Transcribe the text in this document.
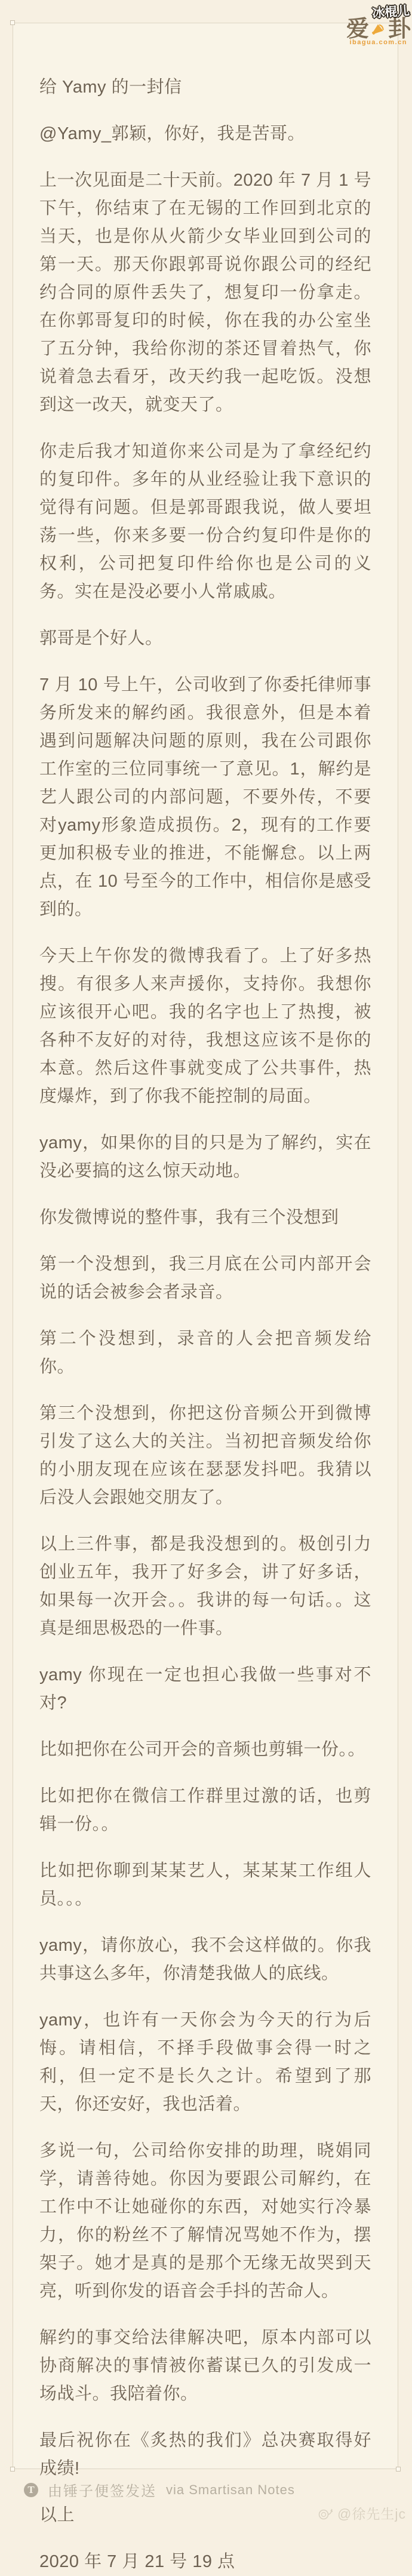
冰棍儿
爱 卦
ibagua.com.cn

给 Yamy 的一封信

@Yamy_郭颖，你好，我是苦哥。

上一次见面是二十天前。2020 年 7 月 1 号下午，你结束了在无锡的工作回到北京的当天，也是你从火箭少女毕业回到公司的第一天。那天你跟郭哥说你跟公司的经纪约合同的原件丢失了，想复印一份拿走。在你郭哥复印的时候，你在我的办公室坐了五分钟，我给你沏的茶还冒着热气，你说着急去看牙，改天约我一起吃饭。没想到这一改天，就变天了。

你走后我才知道你来公司是为了拿经纪约的复印件。多年的从业经验让我下意识的觉得有问题。但是郭哥跟我说，做人要坦荡一些，你来多要一份合约复印件是你的权利，公司把复印件给你也是公司的义务。实在是没必要小人常戚戚。

郭哥是个好人。

7 月 10 号上午，公司收到了你委托律师事务所发来的解约函。我很意外，但是本着遇到问题解决问题的原则，我在公司跟你工作室的三位同事统一了意见。1，解约是艺人跟公司的内部问题，不要外传，不要对yamy形象造成损伤。2，现有的工作要更加积极专业的推进，不能懈怠。以上两点，在 10 号至今的工作中，相信你是感受到的。

今天上午你发的微博我看了。上了好多热搜。有很多人来声援你，支持你。我想你应该很开心吧。我的名字也上了热搜，被各种不友好的对待，我想这应该不是你的本意。然后这件事就变成了公共事件，热度爆炸，到了你我不能控制的局面。

yamy，如果你的目的只是为了解约，实在没必要搞的这么惊天动地。

你发微博说的整件事，我有三个没想到

第一个没想到，我三月底在公司内部开会说的话会被参会者录音。

第二个没想到，录音的人会把音频发给你。

第三个没想到，你把这份音频公开到微博引发了这么大的关注。当初把音频发给你的小朋友现在应该在瑟瑟发抖吧。我猜以后没人会跟她交朋友了。

以上三件事，都是我没想到的。极创引力创业五年，我开了好多会，讲了好多话，如果每一次开会。。我讲的每一句话。。这真是细思极恐的一件事。

yamy 你现在一定也担心我做一些事对不对?

比如把你在公司开会的音频也剪辑一份。。

比如把你在微信工作群里过激的话，也剪辑一份。。

比如把你聊到某某艺人，某某某工作组人员。。。

yamy，请你放心，我不会这样做的。你我共事这么多年，你清楚我做人的底线。

yamy，也许有一天你会为今天的行为后悔。请相信，不择手段做事会得一时之利，但一定不是长久之计。希望到了那天，你还安好，我也活着。

多说一句，公司给你安排的助理，晓娟同学，请善待她。你因为要跟公司解约，在工作中不让她碰你的东西，对她实行冷暴力，你的粉丝不了解情况骂她不作为，摆架子。她才是真的是那个无缘无故哭到天亮，听到你发的语音会手抖的苦命人。

解约的事交给法律解决吧，原本内部可以协商解决的事情被你蓄谋已久的引发成一场战斗。我陪着你。

最后祝你在《炙热的我们》总决赛取得好成绩!

以上

2020 年 7 月 21 号 19 点

T 由锤子便签发送 via Smartisan Notes
@徐先生jc
